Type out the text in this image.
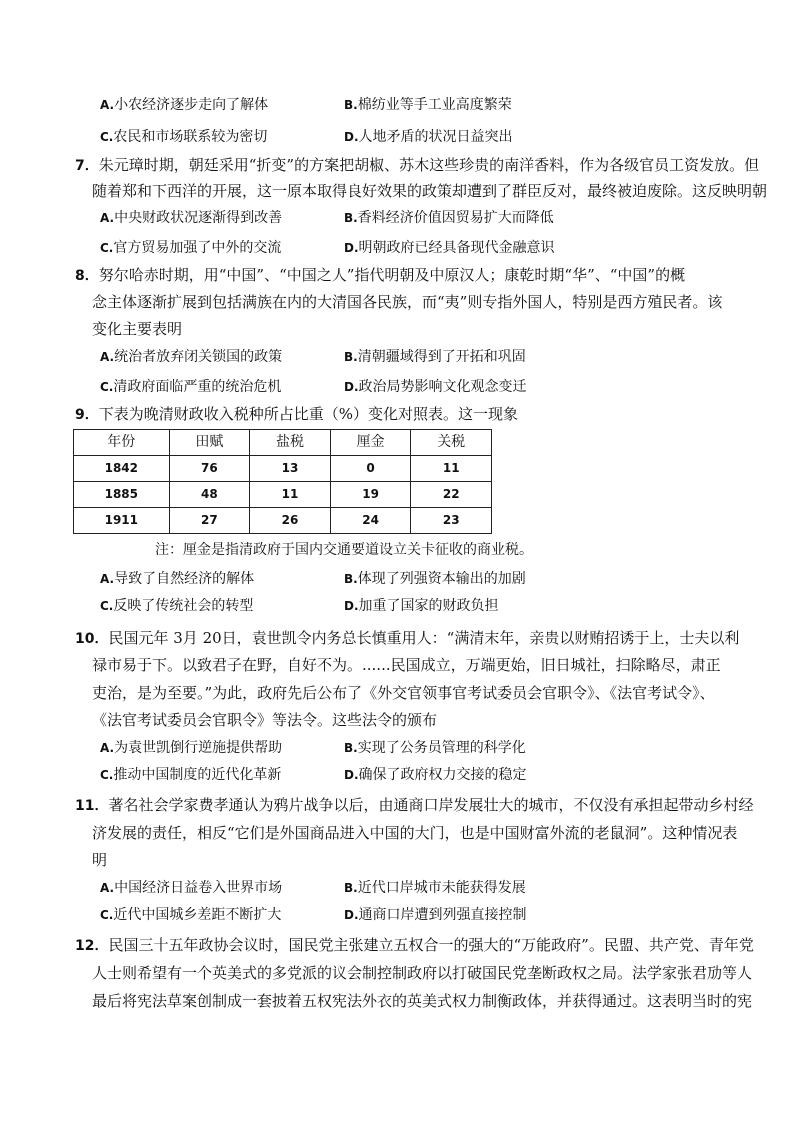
A.小农经济逐步走向了解体	B.棉纺业等手工业高度繁荣
C.农民和市场联系较为密切	D.人地矛盾的状况日益突出
7．朱元璋时期，朝廷采用“折变”的方案把胡椒、苏木这些珍贵的南洋香料，作为各级官员工资发放。但
随着郑和下西洋的开展，这一原本取得良好效果的政策却遭到了群臣反对，最终被迫废除。这反映明朝
A.中央财政状况逐渐得到改善	B.香料经济价值因贸易扩大而降低
C.官方贸易加强了中外的交流	D.明朝政府已经具备现代金融意识
8．努尔哈赤时期，用“中国”、“中国之人”指代明朝及中原汉人；康乾时期“华”、“中国”的概
念主体逐渐扩展到包括满族在内的大清国各民族，而“夷”则专指外国人，特别是西方殖民者。该
变化主要表明
A.统治者放弃闭关锁国的政策	B.清朝疆域得到了开拓和巩固
C.清政府面临严重的统治危机	D.政治局势影响文化观念变迁
9．下表为晚清财政收入税种所占比重（%）变化对照表。这一现象
年份	田赋	盐税	厘金	关税
1842	76	13	0	11
1885	48	11	19	22
1911	27	26	24	23
注：厘金是指清政府于国内交通要道设立关卡征收的商业税。
A.导致了自然经济的解体	B.体现了列强资本输出的加剧
C.反映了传统社会的转型	D.加重了国家的财政负担
10．民国元年 3月 20日，袁世凯令内务总长慎重用人：“满清末年，亲贵以财贿招诱于上，士夫以利
禄市易于下。以致君子在野，自好不为。......民国成立，万端更始，旧日城社，扫除略尽，肃正
吏治，是为至要。”为此，政府先后公布了《外交官领事官考试委员会官职令》、《法官考试令》、
《法官考试委员会官职令》等法令。这些法令的颁布
A.为袁世凯倒行逆施提供帮助	B.实现了公务员管理的科学化
C.推动中国制度的近代化革新	D.确保了政府权力交接的稳定
11．著名社会学家费孝通认为鸦片战争以后，由通商口岸发展壮大的城市，不仅没有承担起带动乡村经
济发展的责任，相反“它们是外国商品进入中国的大门，也是中国财富外流的老鼠洞”。这种情况表
明
A.中国经济日益卷入世界市场	B.近代口岸城市未能获得发展
C.近代中国城乡差距不断扩大	D.通商口岸遭到列强直接控制
12．民国三十五年政协会议时，国民党主张建立五权合一的强大的“万能政府”。民盟、共产党、青年党
人士则希望有一个英美式的多党派的议会制控制政府以打破国民党垄断政权之局。法学家张君劢等人
最后将宪法草案创制成一套披着五权宪法外衣的英美式权力制衡政体，并获得通过。这表明当时的宪
